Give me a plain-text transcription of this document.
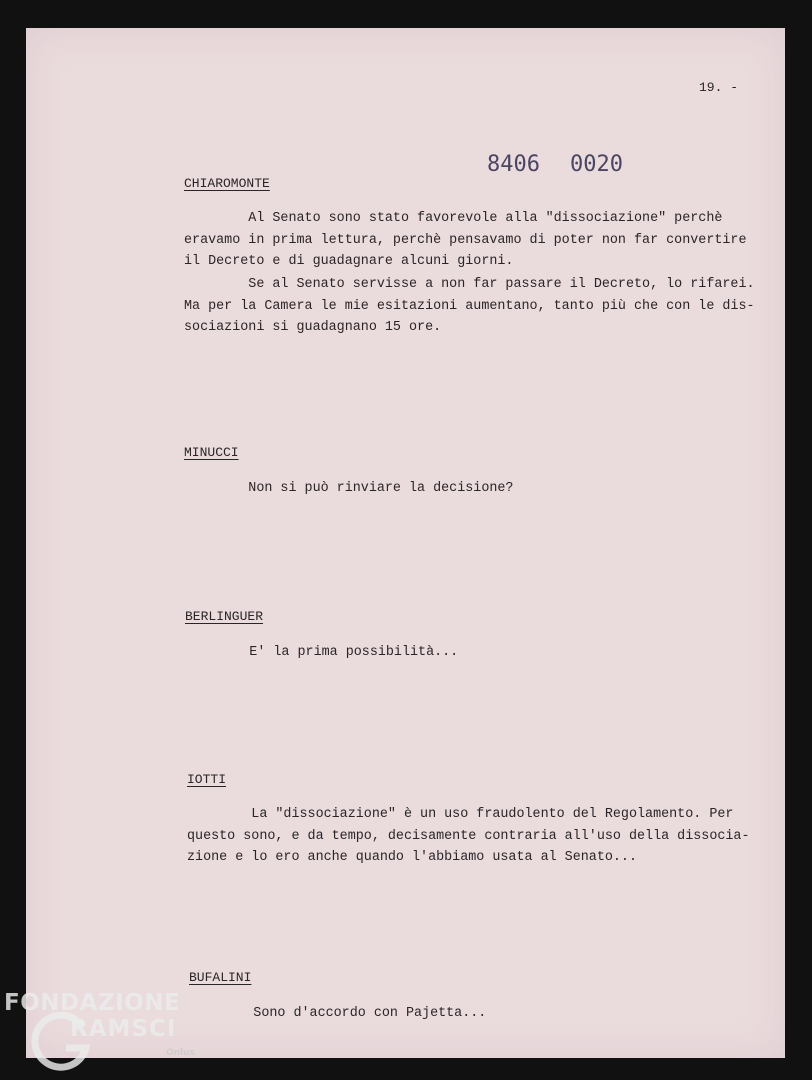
19. -
8406 0020
CHIAROMONTE

Al Senato sono stato favorevole alla "dissociazione" perchè
eravamo in prima lettura, perchè pensavamo di poter non far convertire
il Decreto e di guadagnare alcuni giorni.

Se al Senato servisse a non far passare il Decreto, lo rifarei.
Ma per la Camera le mie esitazioni aumentano, tanto più che con le dis-
sociazioni si guadagnano 15 ore.

MINUCCI

Non si può rinviare la decisione?

BERLINGUER

E' la prima possibilità...

IOTTI

La "dissociazione" è un uso fraudolento del Regolamento. Per
questo sono, e da tempo, decisamente contraria all'uso della dissocia-
zione e lo ero anche quando l'abbiamo usata al Senato...

BUFALINI

Sono d'accordo con Pajetta...

FONDAZIONE
RAMSCI
Onlus
